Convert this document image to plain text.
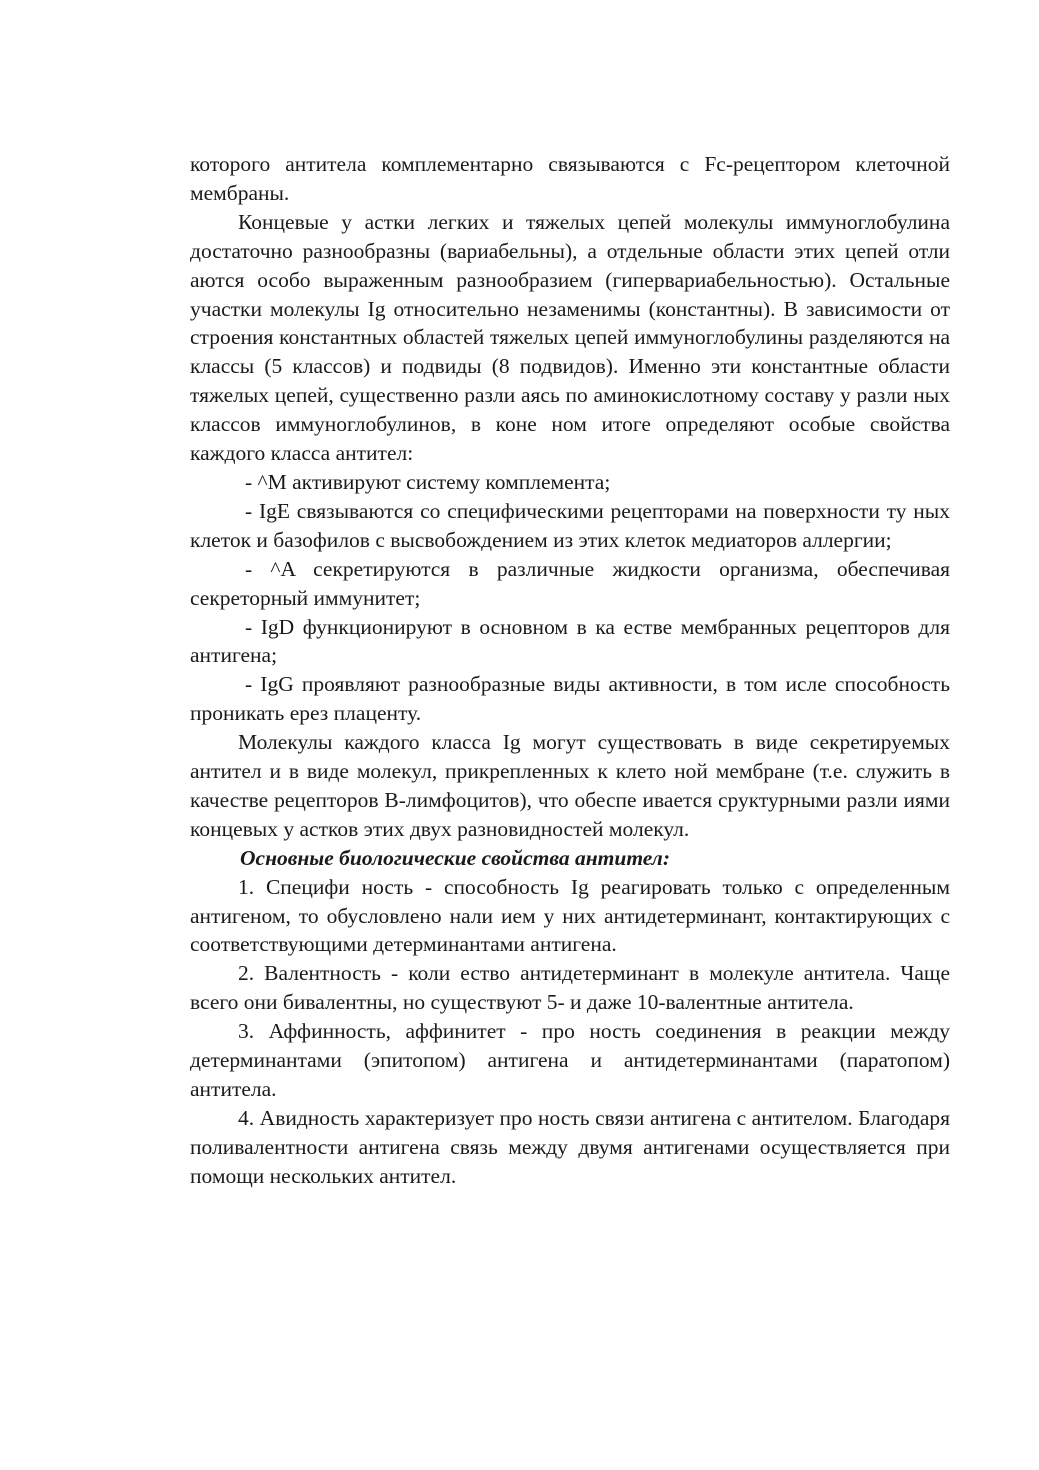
которого антитела комплементарно связываются с Fc-рецептором клеточной мембраны.

Концевые у астки легких и тяжелых цепей молекулы иммуноглобулина достаточно разнообразны (вариабельны), а отдельные области этих цепей отли аются особо выраженным разнообразием (гипервариабельностью). Остальные участки молекулы Ig относительно незаменимы (константны). В зависимости от строения константных областей тяжелых цепей иммуноглобулины разделяются на классы (5 классов) и подвиды (8 подвидов). Именно эти константные области тяжелых цепей, существенно разли аясь по аминокислотному составу у разли ных классов иммуноглобулинов, в коне ном итоге определяют особые свойства каждого класса антител:

- ^M активируют систему комплемента;

- IgE связываются со специфическими рецепторами на поверхности ту ных клеток и базофилов с высвобождением из этих клеток медиаторов аллергии;

- ^A секретируются в различные жидкости организма, обеспечивая секреторный иммунитет;

- IgD функционируют в основном в ка естве мембранных рецепторов для антигена;

- IgG проявляют разнообразные виды активности, в том исле способность проникать ерез плаценту.

Молекулы каждого класса Ig могут существовать в виде секретируемых антител и в виде молекул, прикрепленных к клето ной мембране (т.е. служить в качестве рецепторов В-лимфоцитов), что обеспе ивается сруктурными разли иями концевых у астков этих двух разновидностей молекул.

Основные биологические свойства антител:

1. Специфи ность - способность Ig реагировать только с определенным антигеном, то обусловлено нали ием у них антидетерминант, контактирующих с соответствующими детерминантами антигена.

2. Валентность - коли ество антидетерминант в молекуле антитела. Чаще всего они бивалентны, но существуют 5- и даже 10-валентные антитела.

3. Аффинность, аффинитет - про ность соединения в реакции между детерминантами (эпитопом) антигена и антидетерминантами (паратопом) антитела.

4. Авидность характеризует про ность связи антигена с антителом. Благодаря поливалентности антигена связь между двумя антигенами осуществляется при помощи нескольких антител.
